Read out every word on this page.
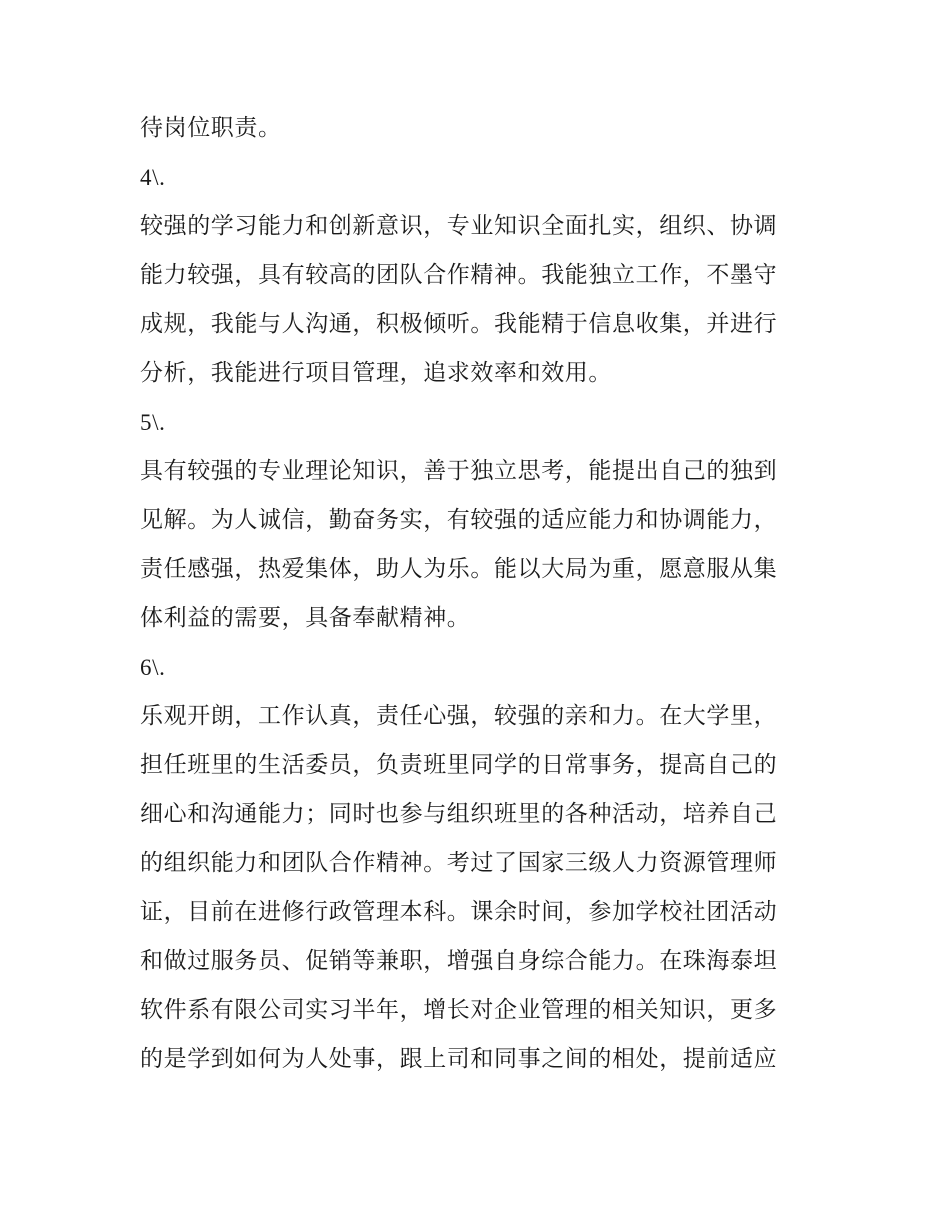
待岗位职责。
4\.
较强的学习能力和创新意识，专业知识全面扎实，组织、协调
能力较强，具有较高的团队合作精神。我能独立工作，不墨守
成规，我能与人沟通，积极倾听。我能精于信息收集，并进行
分析，我能进行项目管理，追求效率和效用。
5\.
具有较强的专业理论知识，善于独立思考，能提出自己的独到
见解。为人诚信，勤奋务实，有较强的适应能力和协调能力，
责任感强，热爱集体，助人为乐。能以大局为重，愿意服从集
体利益的需要，具备奉献精神。
6\.
乐观开朗，工作认真，责任心强，较强的亲和力。在大学里，
担任班里的生活委员，负责班里同学的日常事务，提高自己的
细心和沟通能力；同时也参与组织班里的各种活动，培养自己
的组织能力和团队合作精神。考过了国家三级人力资源管理师
证，目前在进修行政管理本科。课余时间，参加学校社团活动
和做过服务员、促销等兼职，增强自身综合能力。在珠海泰坦
软件系有限公司实习半年，增长对企业管理的相关知识，更多
的是学到如何为人处事，跟上司和同事之间的相处，提前适应
